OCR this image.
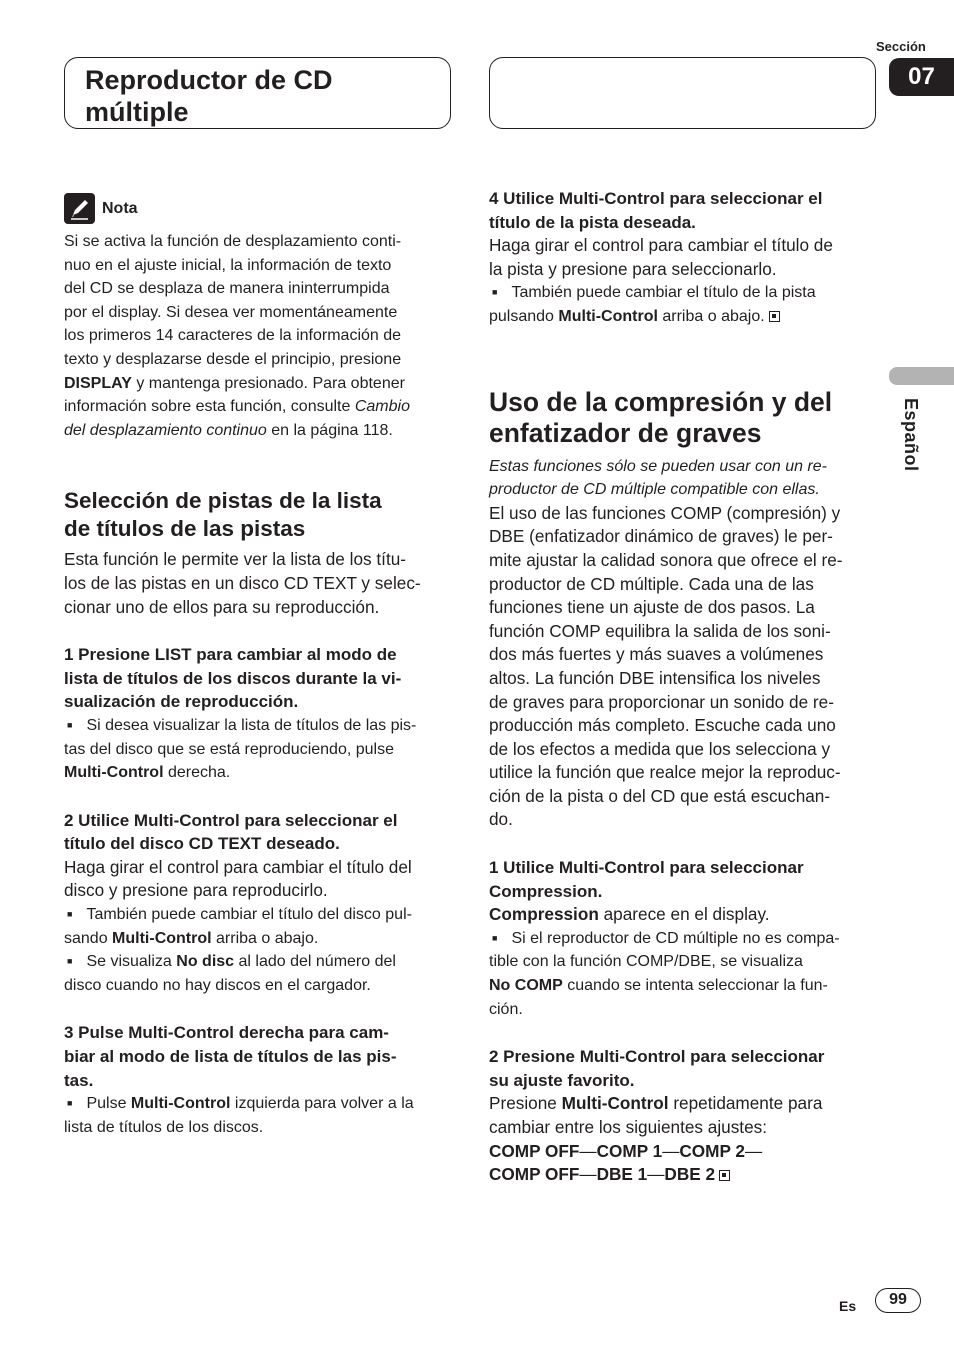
Reproductor de CD
múltiple
Sección
07
Español
Nota

Si se activa la función de desplazamiento conti-

nuo en el ajuste inicial, la información de texto

del CD se desplaza de manera ininterrumpida

por el display. Si desea ver momentáneamente

los primeros 14 caracteres de la información de

texto y desplazarse desde el principio, presione

DISPLAY y mantenga presionado. Para obtener

información sobre esta función, consulte Cambio

del desplazamiento continuo en la página 118.

Selección de pistas de la lista

de títulos de las pistas

Esta función le permite ver la lista de los títu-

los de las pistas en un disco CD TEXT y selec-

cionar uno de ellos para su reproducción.

1 Presione LIST para cambiar al modo de

lista de títulos de los discos durante la vi-

sualización de reproducción.

■ Si desea visualizar la lista de títulos de las pis-

tas del disco que se está reproduciendo, pulse

Multi-Control derecha.

2 Utilice Multi-Control para seleccionar el

título del disco CD TEXT deseado.

Haga girar el control para cambiar el título del

disco y presione para reproducirlo.

■ También puede cambiar el título del disco pul-

sando Multi-Control arriba o abajo.

■ Se visualiza No disc al lado del número del

disco cuando no hay discos en el cargador.

3 Pulse Multi-Control derecha para cam-

biar al modo de lista de títulos de las pis-

tas.

■ Pulse Multi-Control izquierda para volver a la

lista de títulos de los discos.

4 Utilice Multi-Control para seleccionar el

título de la pista deseada.

Haga girar el control para cambiar el título de

la pista y presione para seleccionarlo.

■ También puede cambiar el título de la pista

pulsando Multi-Control arriba o abajo.

Uso de la compresión y del

enfatizador de graves

Estas funciones sólo se pueden usar con un re-

productor de CD múltiple compatible con ellas.

El uso de las funciones COMP (compresión) y

DBE (enfatizador dinámico de graves) le per-

mite ajustar la calidad sonora que ofrece el re-

productor de CD múltiple. Cada una de las

funciones tiene un ajuste de dos pasos. La

función COMP equilibra la salida de los soni-

dos más fuertes y más suaves a volúmenes

altos. La función DBE intensifica los niveles

de graves para proporcionar un sonido de re-

producción más completo. Escuche cada uno

de los efectos a medida que los selecciona y

utilice la función que realce mejor la reproduc-

ción de la pista o del CD que está escuchan-

do.

1 Utilice Multi-Control para seleccionar

Compression.

Compression aparece en el display.

■ Si el reproductor de CD múltiple no es compa-

tible con la función COMP/DBE, se visualiza

No COMP cuando se intenta seleccionar la fun-

ción.

2 Presione Multi-Control para seleccionar

su ajuste favorito.

Presione Multi-Control repetidamente para

cambiar entre los siguientes ajustes:

COMP OFF—COMP 1—COMP 2—

COMP OFF—DBE 1—DBE 2

Es	99
